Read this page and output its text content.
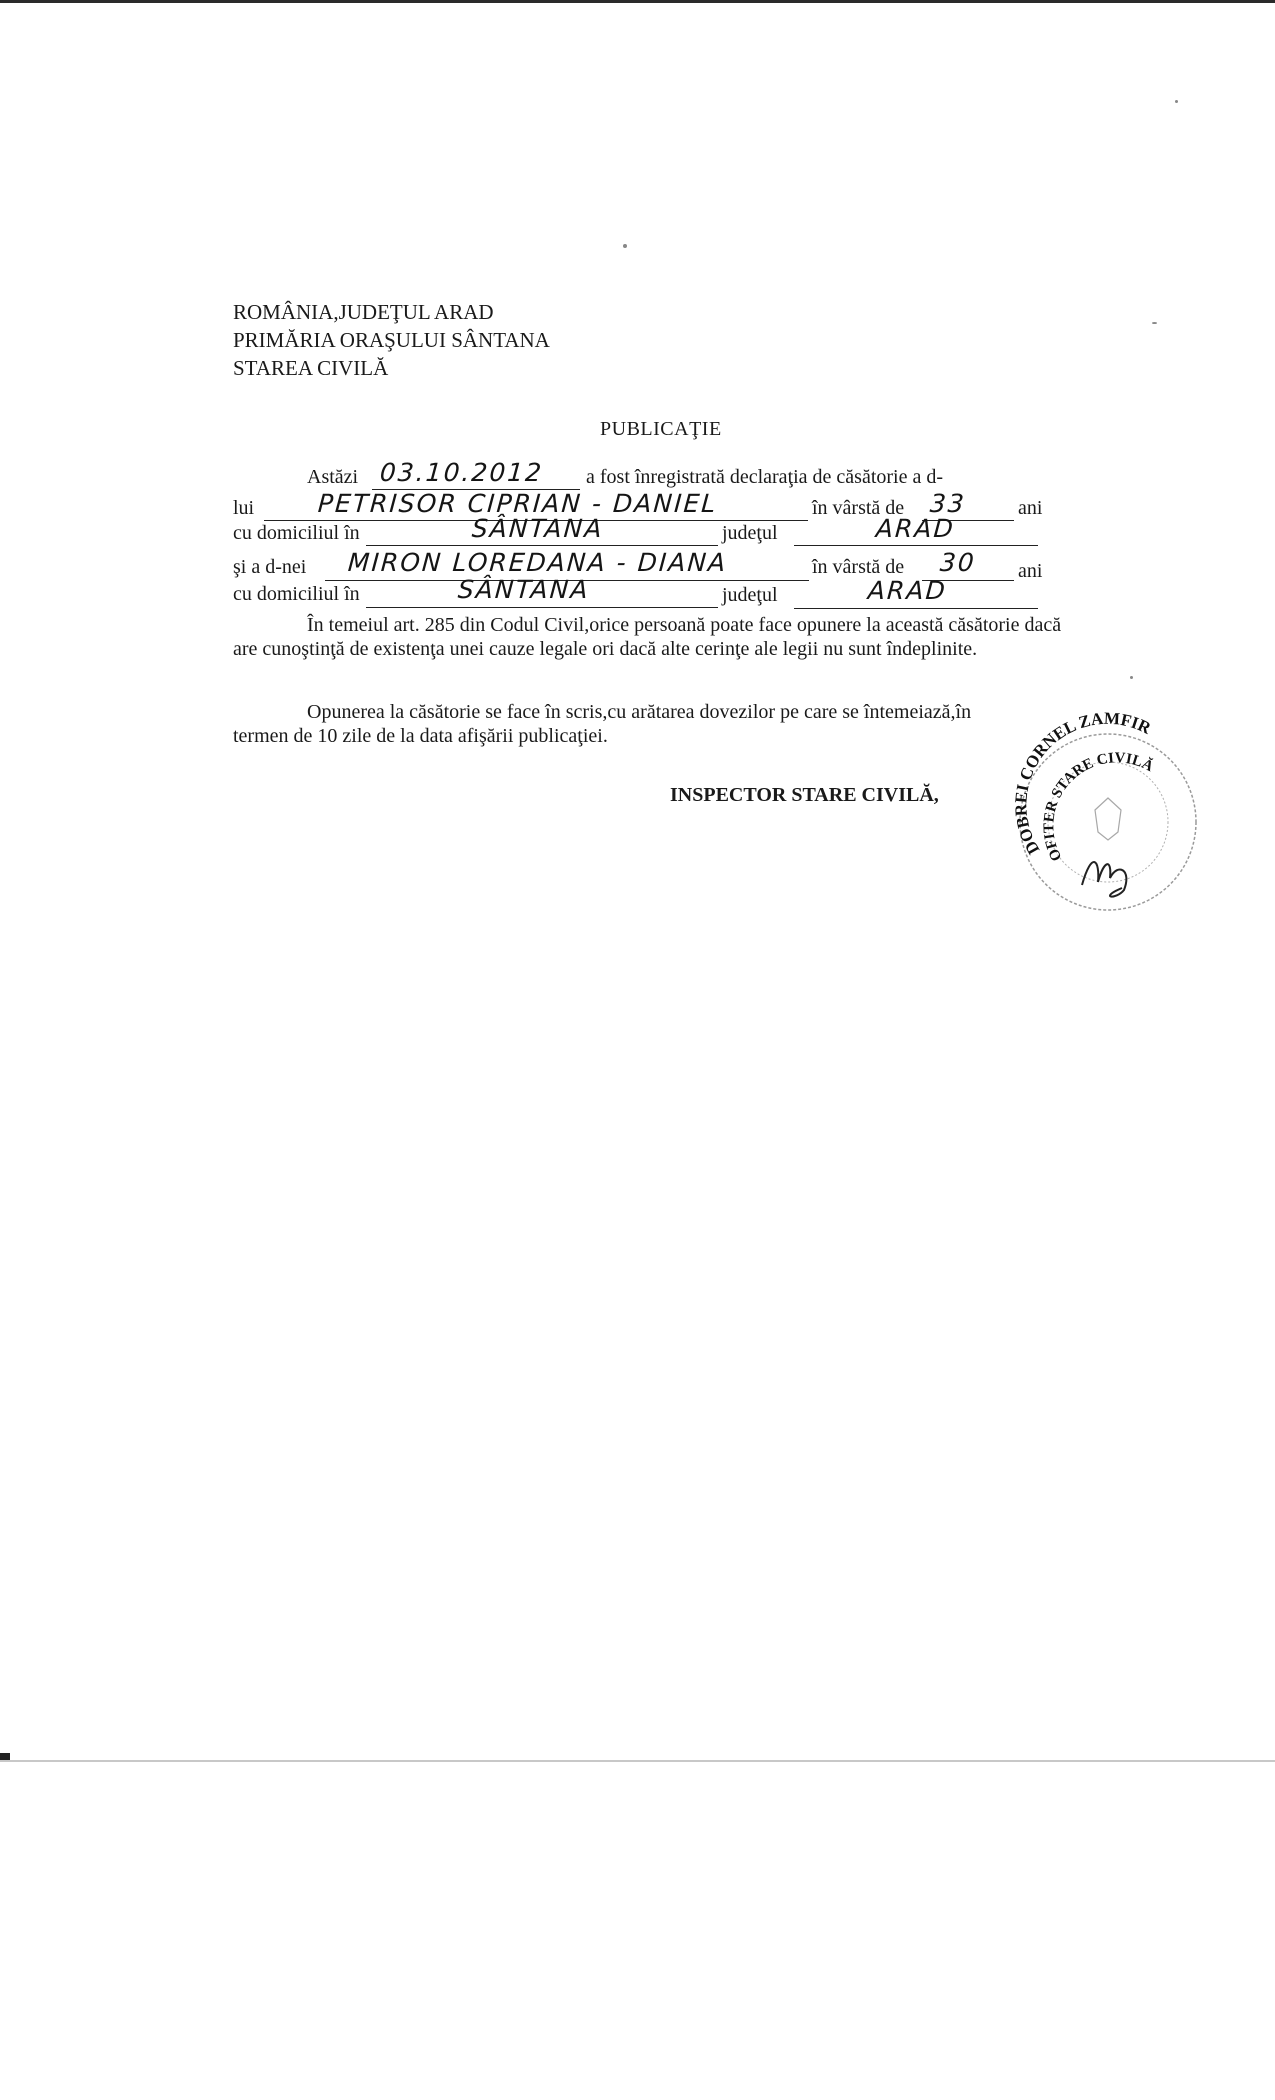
ROMÂNIA,JUDEŢUL ARAD
PRIMĂRIA ORAŞULUI SÂNTANA
STAREA CIVILĂ
PUBLICAŢIE
Astăzi 03.10.2012 a fost înregistrată declaraţia de căsătorie a d-
lui	PETRISOR CIPRIAN - DANIEL	în vârstă de 33	ani
cu domiciliul în	SÂNTANA	judeţul	ARAD
şi a d-nei MIRON LOREDANA - DIANA	în vârstă de 30 ani
cu domiciliul în	SÂNTANA	judeţul	ARAD
În temeiul art. 285 din Codul Civil,orice persoană poate face opunere la această căsătorie dacă are cunoştinţă de existenţa unei cauze legale ori dacă alte cerinţe ale legii nu sunt îndeplinite.
Opunerea la căsătorie se face în scris,cu arătarea dovezilor pe care se întemeiază,în termen de 10 zile de la data afişării publicaţiei.
INSPECTOR STARE CIVILĂ,
DOBREI CORNEL ZAMFIR
OFITER STARE CIVILĂ
